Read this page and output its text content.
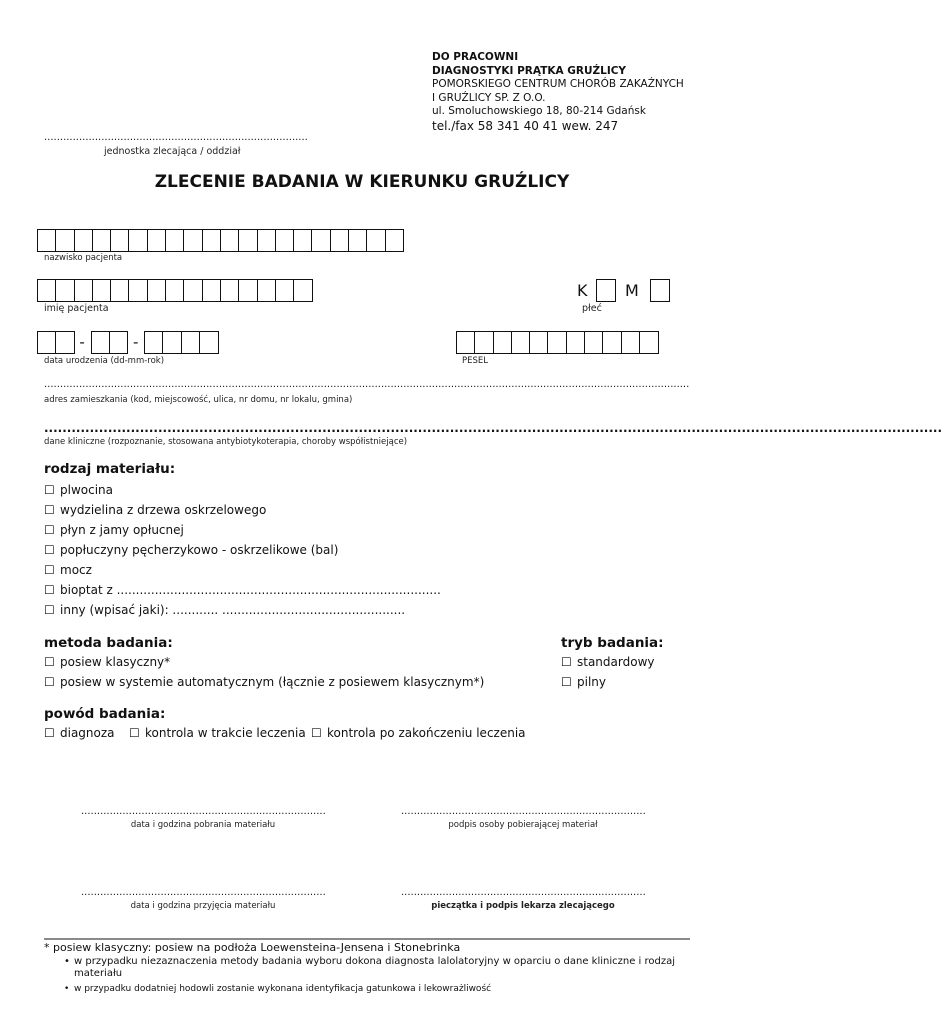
DO PRACOWNI
DIAGNOSTYKI PRĄTKA GRUŹLICY
POMORSKIEGO CENTRUM CHORÓB ZAKAŹNYCH
I GRUŹLICY SP. Z O.O.
ul. Smoluchowskiego 18, 80-214 Gdańsk
tel./fax 58 341 40 41 wew. 247
...................................................................................
jednostka zlecająca / oddział
ZLECENIE BADANIA W KIERUNKU GRUŹLICY
nazwisko pacjenta
imię pacjenta
K M
płeć
-	-
data urodzenia (dd-mm-rok)	PESEL
...........................................................................................................................................................................................................
adres zamieszkania (kod, miejscowość, ulica, nr domu, nr lokalu, gmina)
.....................................................................................................................................................................................................
dane kliniczne (rozpoznanie, stosowana antybiotykoterapia, choroby współistniejące)
rodzaj materiału:
☐ plwocina
☐ wydzielina z drzewa oskrzelowego
☐ płyn z jamy opłucnej
☐ popłuczyny pęcherzykowo - oskrzelikowe (bal)
☐ mocz
☐ bioptat z .....................................................................................
☐ inny (wpisać jaki): ............ ................................................
metoda badania:
☐ posiew klasyczny*
☐ posiew w systemie automatycznym (łącznie z posiewem klasycznym*)
tryb badania:
☐ standardowy
☐ pilny
powód badania:
☐ diagnoza ☐ kontrola w trakcie leczenia ☐ kontrola po zakończeniu leczenia
.............................................................................
data i godzina pobrania materiału
.............................................................................
podpis osoby pobierającej materiał
.............................................................................
data i godzina przyjęcia materiału
.............................................................................
pieczątka i podpis lekarza zlecającego
* posiew klasyczny: posiew na podłoża Loewensteina-Jensena i Stonebrinka
• w przypadku niezaznaczenia metody badania wyboru dokona diagnosta lalolatoryjny w oparciu o dane kliniczne i rodzaj
materiału
• w przypadku dodatniej hodowli zostanie wykonana identyfikacja gatunkowa i lekowrażliwość
